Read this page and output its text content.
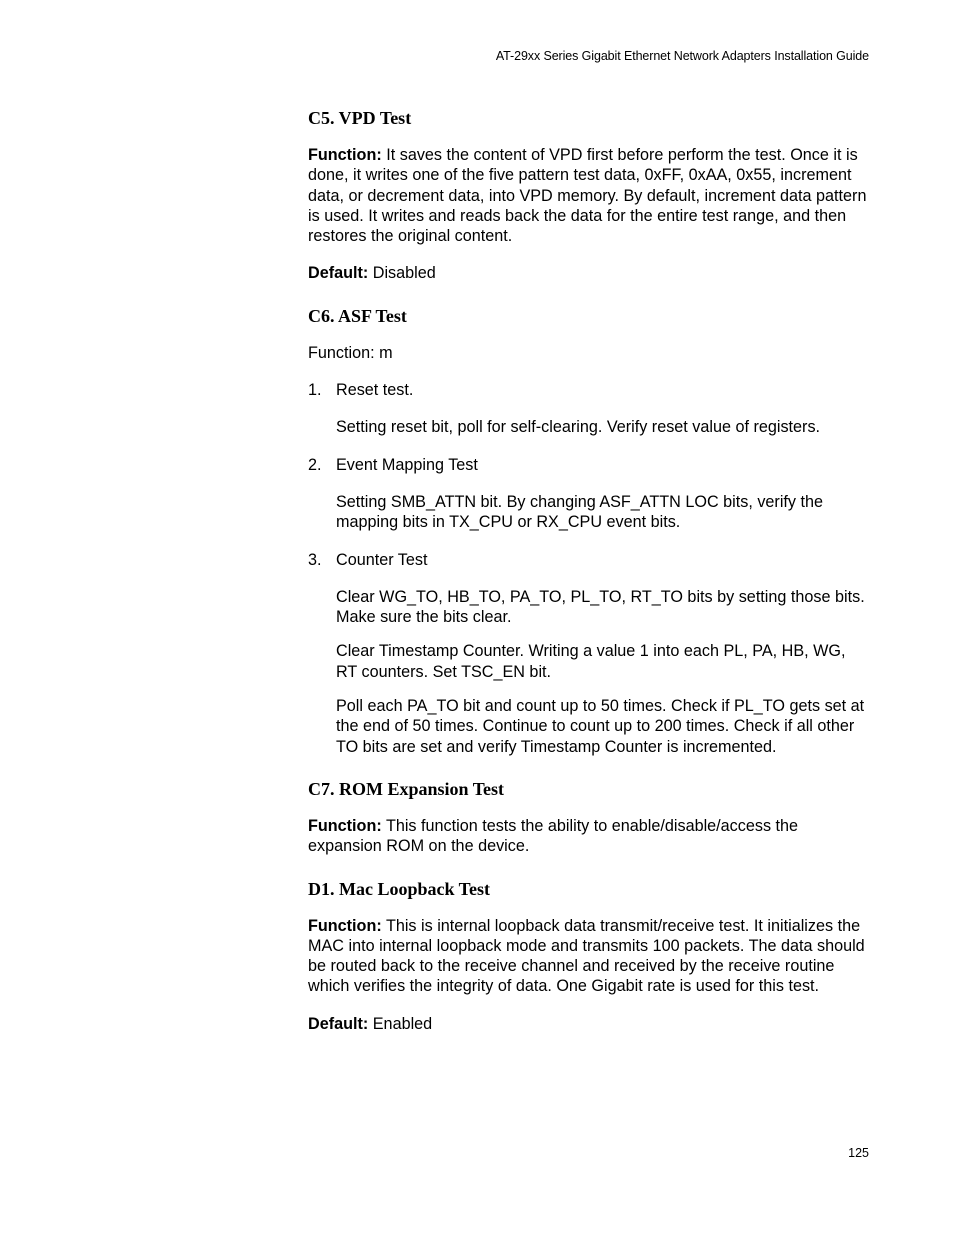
AT-29xx Series Gigabit Ethernet Network Adapters Installation Guide
C5. VPD Test

Function: It saves the content of VPD first before perform the test. Once it is done, it writes one of the five pattern test data, 0xFF, 0xAA, 0x55, increment data, or decrement data, into VPD memory. By default, increment data pattern is used. It writes and reads back the data for the entire test range, and then restores the original content.

Default: Disabled

C6. ASF Test

Function: m

1. Reset test.

Setting reset bit, poll for self-clearing. Verify reset value of registers.

2. Event Mapping Test

Setting SMB_ATTN bit. By changing ASF_ATTN LOC bits, verify the mapping bits in TX_CPU or RX_CPU event bits.

3. Counter Test

Clear WG_TO, HB_TO, PA_TO, PL_TO, RT_TO bits by setting those bits. Make sure the bits clear.

Clear Timestamp Counter. Writing a value 1 into each PL, PA, HB, WG, RT counters. Set TSC_EN bit.

Poll each PA_TO bit and count up to 50 times. Check if PL_TO gets set at the end of 50 times. Continue to count up to 200 times. Check if all other TO bits are set and verify Timestamp Counter is incremented.

C7. ROM Expansion Test

Function: This function tests the ability to enable/disable/access the expansion ROM on the device.

D1. Mac Loopback Test

Function: This is internal loopback data transmit/receive test. It initializes the MAC into internal loopback mode and transmits 100 packets. The data should be routed back to the receive channel and received by the receive routine which verifies the integrity of data. One Gigabit rate is used for this test.

Default: Enabled

125
